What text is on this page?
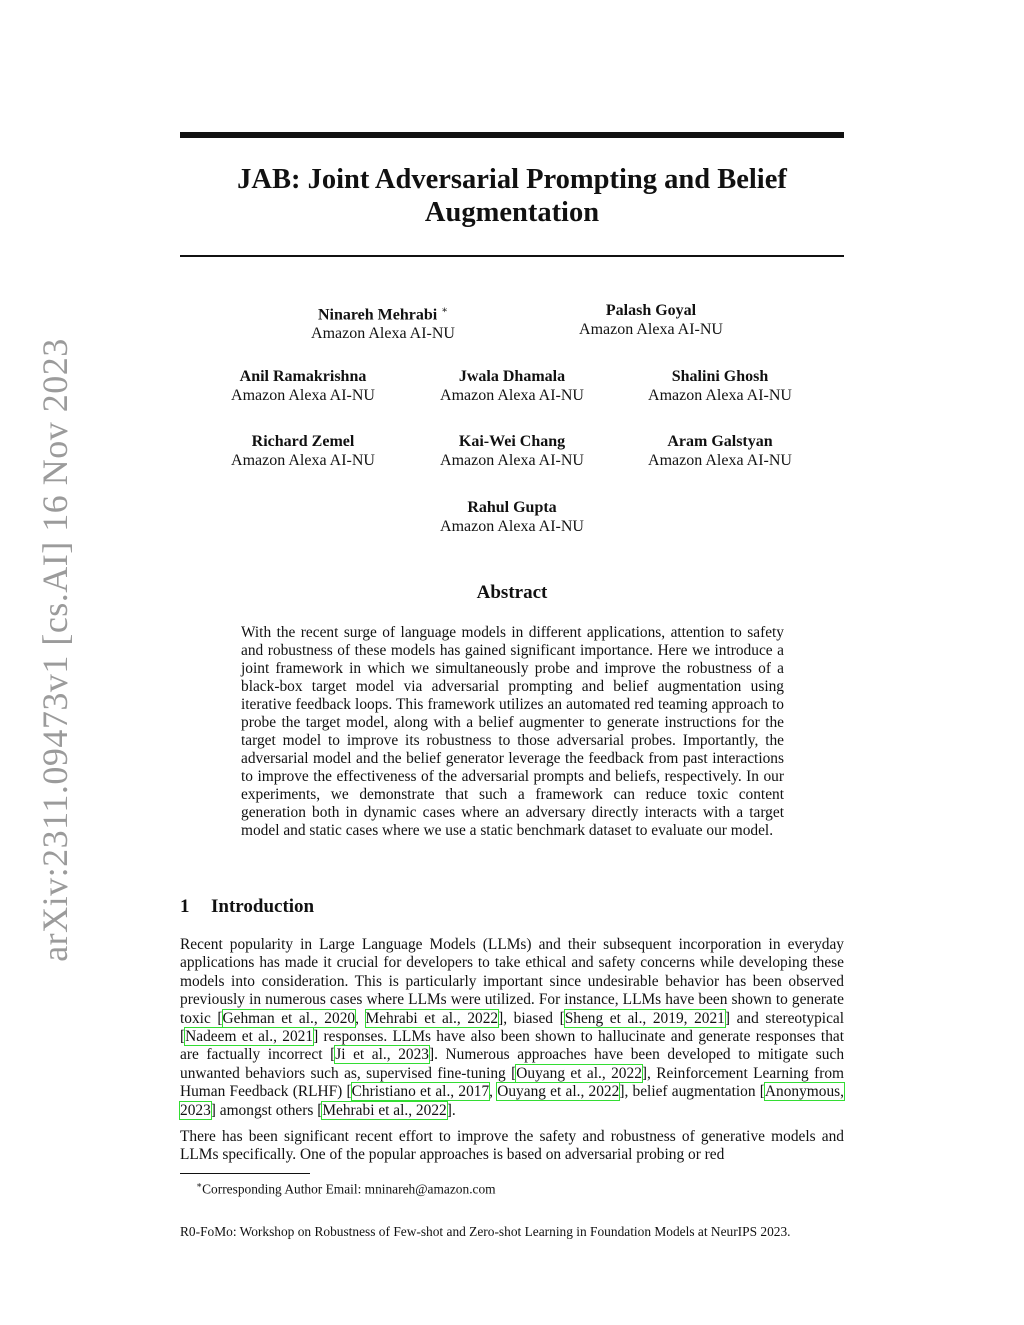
arXiv:2311.09473v1 [cs.AI] 16 Nov 2023
JAB: Joint Adversarial Prompting and Belief Augmentation
Ninareh Mehrabi ∗
Amazon Alexa AI-NU
Palash Goyal
Amazon Alexa AI-NU
Anil Ramakrishna
Amazon Alexa AI-NU
Jwala Dhamala
Amazon Alexa AI-NU
Shalini Ghosh
Amazon Alexa AI-NU
Richard Zemel
Amazon Alexa AI-NU
Kai-Wei Chang
Amazon Alexa AI-NU
Aram Galstyan
Amazon Alexa AI-NU
Rahul Gupta
Amazon Alexa AI-NU
Abstract
With the recent surge of language models in different applications, attention to safety and robustness of these models has gained significant importance. Here we introduce a joint framework in which we simultaneously probe and improve the robustness of a black-box target model via adversarial prompting and belief augmentation using iterative feedback loops. This framework utilizes an automated red teaming approach to probe the target model, along with a belief augmenter to generate instructions for the target model to improve its robustness to those adversarial probes. Importantly, the adversarial model and the belief generator leverage the feedback from past interactions to improve the effectiveness of the adversarial prompts and beliefs, respectively. In our experiments, we demonstrate that such a framework can reduce toxic content generation both in dynamic cases where an adversary directly interacts with a target model and static cases where we use a static benchmark dataset to evaluate our model.
1 Introduction
Recent popularity in Large Language Models (LLMs) and their subsequent incorporation in everyday applications has made it crucial for developers to take ethical and safety concerns while developing these models into consideration. This is particularly important since undesirable behavior has been observed previously in numerous cases where LLMs were utilized. For instance, LLMs have been shown to generate toxic [Gehman et al., 2020, Mehrabi et al., 2022], biased [Sheng et al., 2019, 2021] and stereotypical [Nadeem et al., 2021] responses. LLMs have also been shown to hallucinate and generate responses that are factually incorrect [Ji et al., 2023]. Numerous approaches have been developed to mitigate such unwanted behaviors such as, supervised fine-tuning [Ouyang et al., 2022], Reinforcement Learning from Human Feedback (RLHF) [Christiano et al., 2017, Ouyang et al., 2022], belief augmentation [Anonymous, 2023] amongst others [Mehrabi et al., 2022].
There has been significant recent effort to improve the safety and robustness of generative models and LLMs specifically. One of the popular approaches is based on adversarial probing or red
∗Corresponding Author Email: mninareh@amazon.com
R0-FoMo: Workshop on Robustness of Few-shot and Zero-shot Learning in Foundation Models at NeurIPS 2023.
